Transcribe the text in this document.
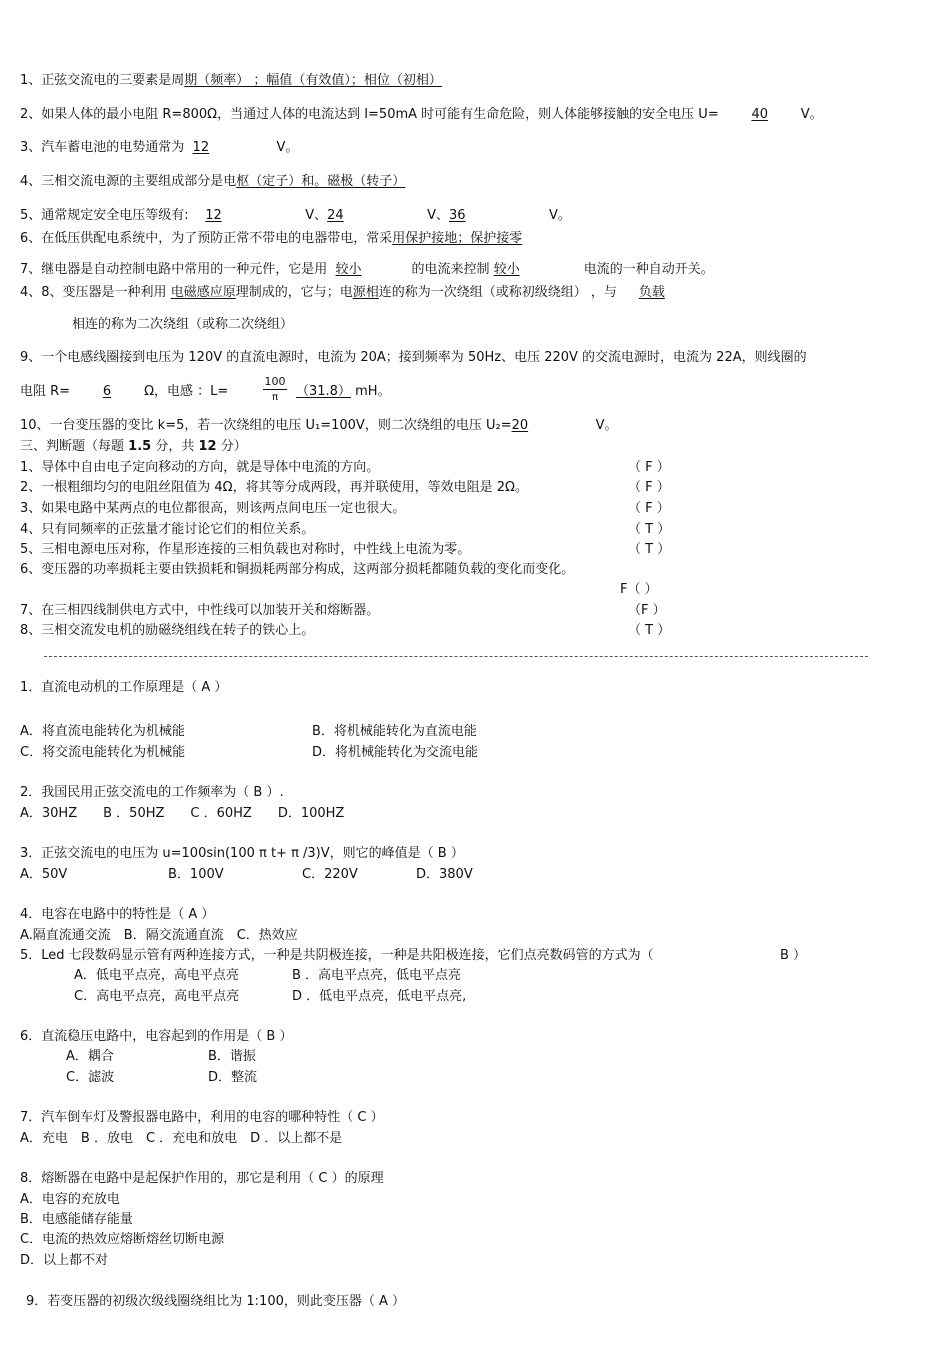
1、正弦交流电的三要素是周期（频率） ；幅值（有效值）；相位（初相）
2、如果人体的最小电阻 R=800Ω，当通过人体的电流达到 I=50mA 时可能有生命危险，则人体能够接触的安全电压 U=	40	V。
3、汽车蓄电池的电势通常为 12	V。
4、三相交流电源的主要组成部分是电枢（定子）和。磁极（转子）
5、通常规定安全电压等级有: 12	V、24	V、36	V。
6、在低压供配电系统中，为了预防正常不带电的电器带电，常采用保护接地；保护接零
7、继电器是自动控制电路中常用的一种元件，它是用 较小	的电流来控制 较小	电流的一种自动开关。
4、8、变压器是一种利用 电磁感应原理制成的，它与；电源相连的称为一次绕组（或称初级绕组） ，与 负载
相连的称为二次绕组（或称二次绕组）
9、一个电感线圈接到电压为 120V 的直流电源时，电流为 20A；接到频率为 50Hz、电压 220V 的交流电源时，电流为 22A，则线圈的
电阻 R=	6	Ω，电感 ：L=	$\frac{100}{\pi} (31.8)$ mH。
10、一台变压器的变比 k=5，若一次绕组的电压 U₁=100V，则二次绕组的电压 U₂=20	V。
三、判断题（每题 1.5 分，共 12 分）
1、导体中自由电子定向移动的方向，就是导体中电流的方向。	（ F ）
2、一根粗细均匀的电阻丝阻值为 4Ω，将其等分成两段，再并联使用，等效电阻是 2Ω。	（ F ）
3、如果电路中某两点的电位都很高，则该两点间电压一定也很大。	（ F ）
4、只有同频率的正弦量才能讨论它们的相位关系。	（ T ）
5、三相电源电压对称，作星形连接的三相负载也对称时，中性线上电流为零。	（ T ）
6、变压器的功率损耗主要由铁损耗和铜损耗两部分构成，这两部分损耗都随负载的变化而变化。
F（ ）
7、在三相四线制供电方式中，中性线可以加装开关和熔断器。	（F ）
8、三相交流发电机的励磁绕组线在转子的铁心上。	（ T ）
1．直流电动机的工作原理是（ A ）
A．将直流电能转化为机械能	B．将机械能转化为直流电能
C．将交流电能转化为机械能	D．将机械能转化为交流电能
2．我国民用正弦交流电的工作频率为（ B ）.
A．30HZ　　B ．50HZ　　C ．60HZ　　D．100HZ
3．正弦交流电的电压为 u=100sin(100 π t+ π /3)V，则它的峰值是（ B ）
A．50V	B．100V	C．220V	D．380V
4．电容在电路中的特性是（ A ）
A.隔直流通交流　B．隔交流通直流　C．热效应
5．Led 七段数码显示管有两种连接方式，一种是共阴极连接，一种是共阳极连接，它们点亮数码管的方式为（	B ）
A．低电平点亮，高电平点亮	B ．高电平点亮，低电平点亮
C．高电平点亮，高电平点亮	D ．低电平点亮，低电平点亮,
6．直流稳压电路中，电容起到的作用是（ B ）
A．耦合	B．谐振
C．滤波	D．整流
7．汽车倒车灯及警报器电路中，利用的电容的哪种特性（ C ）
A．充电　B ．放电　C ．充电和放电　D ．以上都不是
8．熔断器在电路中是起保护作用的，那它是利用（ C ）的原理
A．电容的充放电
B．电感能储存能量
C．电流的热效应熔断熔丝切断电源
D．以上都不对
9．若变压器的初级次级线圈绕组比为 1:100，则此变压器（ A ）
